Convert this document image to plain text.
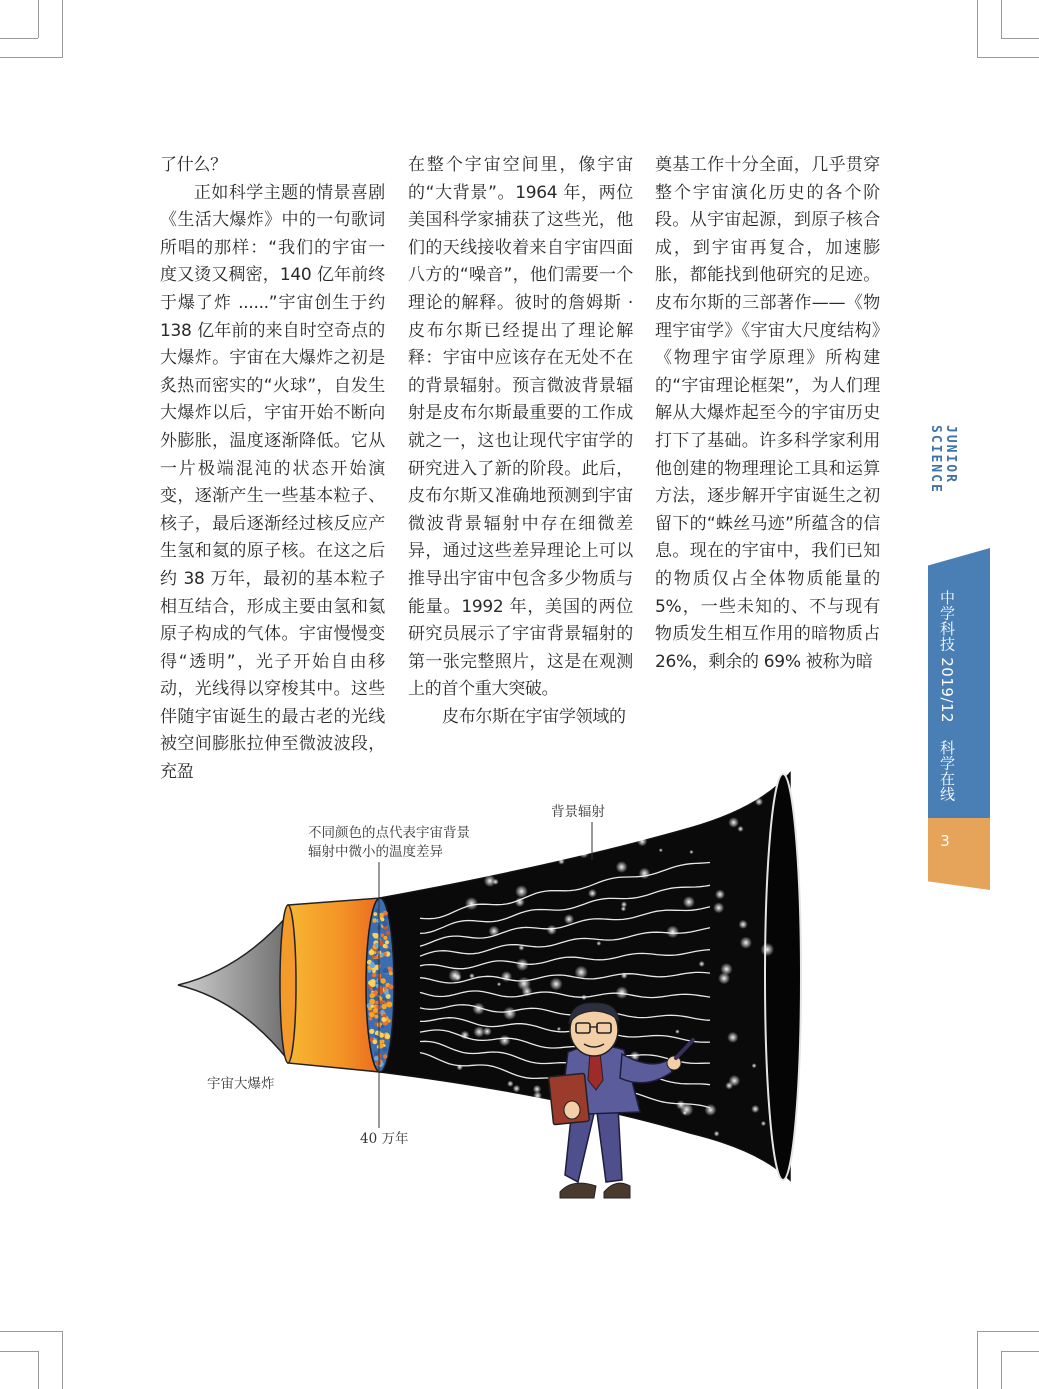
了什么？

正如科学主题的情景喜剧《生活大爆炸》中的一句歌词所唱的那样：“我们的宇宙一度又烫又稠密，140 亿年前终于爆了炸 ......”宇宙创生于约 138 亿年前的来自时空奇点的大爆炸。宇宙在大爆炸之初是炙热而密实的“火球”，自发生大爆炸以后，宇宙开始不断向外膨胀，温度逐渐降低。它从一片极端混沌的状态开始演变，逐渐产生一些基本粒子、核子，最后逐渐经过核反应产生氢和氦的原子核。在这之后约 38 万年，最初的基本粒子相互结合，形成主要由氢和氦原子构成的气体。宇宙慢慢变得“透明”，光子开始自由移动，光线得以穿梭其中。这些伴随宇宙诞生的最古老的光线被空间膨胀拉伸至微波波段，充盈

在整个宇宙空间里，像宇宙的“大背景”。1964 年，两位美国科学家捕获了这些光，他们的天线接收着来自宇宙四面八方的“噪音”，他们需要一个理论的解释。彼时的詹姆斯 · 皮布尔斯已经提出了理论解释：宇宙中应该存在无处不在的背景辐射。预言微波背景辐射是皮布尔斯最重要的工作成就之一，这也让现代宇宙学的研究进入了新的阶段。此后，皮布尔斯又准确地预测到宇宙微波背景辐射中存在细微差异，通过这些差异理论上可以推导出宇宙中包含多少物质与能量。1992 年，美国的两位研究员展示了宇宙背景辐射的第一张完整照片，这是在观测上的首个重大突破。

皮布尔斯在宇宙学领域的

奠基工作十分全面，几乎贯穿整个宇宙演化历史的各个阶段。从宇宙起源，到原子核合成，到宇宙再复合，加速膨胀，都能找到他研究的足迹。皮布尔斯的三部著作——《物理宇宙学》《宇宙大尺度结构》《物理宇宙学原理》所构建的“宇宙理论框架”，为人们理解从大爆炸起至今的宇宙历史打下了基础。许多科学家利用他创建的物理理论工具和运算方法，逐步解开宇宙诞生之初留下的“蛛丝马迹”所蕴含的信息。现在的宇宙中，我们已知的物质仅占全体物质能量的 5%，一些未知的、不与现有物质发生相互作用的暗物质占 26%，剩余的 69% 被称为暗

JUNIOR SCIENCE
中学科技 2019/12
科学在线
3
背景辐射
不同颜色的点代表宇宙背景
辐射中微小的温度差异
宇宙大爆炸
40 万年
